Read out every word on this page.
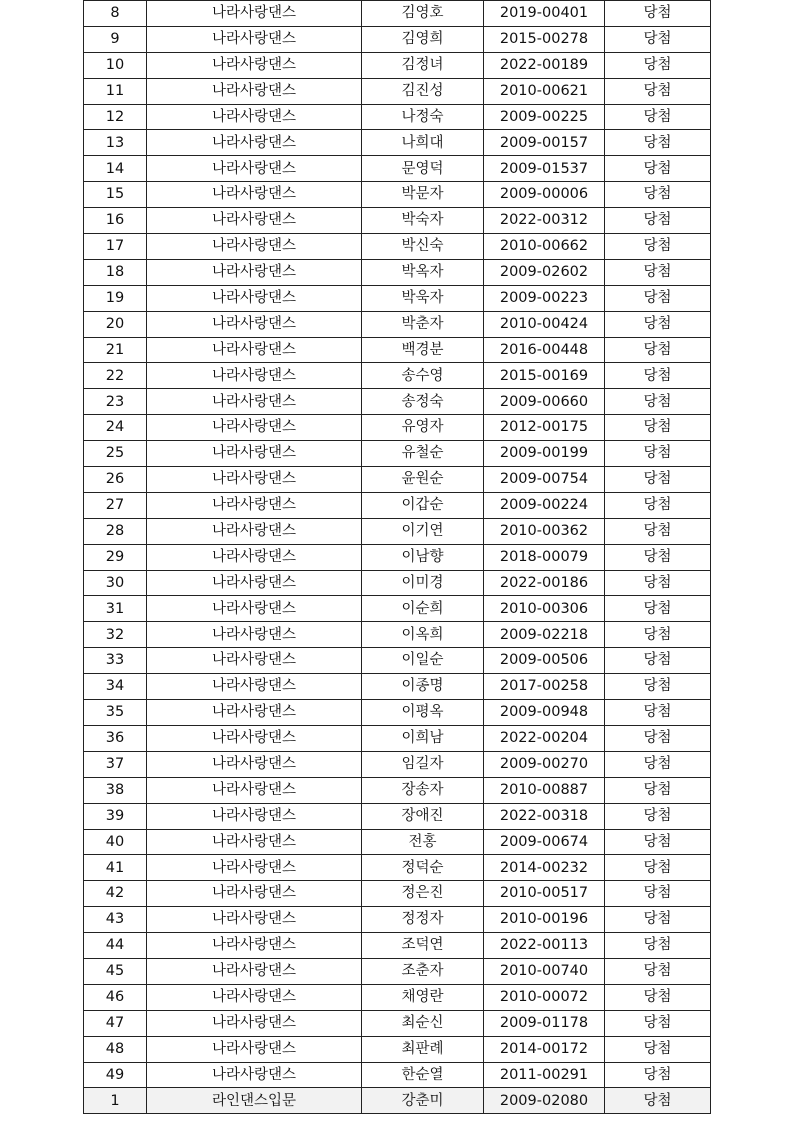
8	나라사랑댄스	김영호	2019-00401	당첨
9	나라사랑댄스	김영희	2015-00278	당첨
10	나라사랑댄스	김정녀	2022-00189	당첨
11	나라사랑댄스	김진성	2010-00621	당첨
12	나라사랑댄스	나정숙	2009-00225	당첨
13	나라사랑댄스	나희대	2009-00157	당첨
14	나라사랑댄스	문영덕	2009-01537	당첨
15	나라사랑댄스	박문자	2009-00006	당첨
16	나라사랑댄스	박숙자	2022-00312	당첨
17	나라사랑댄스	박신숙	2010-00662	당첨
18	나라사랑댄스	박옥자	2009-02602	당첨
19	나라사랑댄스	박욱자	2009-00223	당첨
20	나라사랑댄스	박춘자	2010-00424	당첨
21	나라사랑댄스	백경분	2016-00448	당첨
22	나라사랑댄스	송수영	2015-00169	당첨
23	나라사랑댄스	송정숙	2009-00660	당첨
24	나라사랑댄스	유영자	2012-00175	당첨
25	나라사랑댄스	유철순	2009-00199	당첨
26	나라사랑댄스	윤원순	2009-00754	당첨
27	나라사랑댄스	이갑순	2009-00224	당첨
28	나라사랑댄스	이기연	2010-00362	당첨
29	나라사랑댄스	이남향	2018-00079	당첨
30	나라사랑댄스	이미경	2022-00186	당첨
31	나라사랑댄스	이순희	2010-00306	당첨
32	나라사랑댄스	이옥희	2009-02218	당첨
33	나라사랑댄스	이일순	2009-00506	당첨
34	나라사랑댄스	이종명	2017-00258	당첨
35	나라사랑댄스	이평옥	2009-00948	당첨
36	나라사랑댄스	이희남	2022-00204	당첨
37	나라사랑댄스	임길자	2009-00270	당첨
38	나라사랑댄스	장송자	2010-00887	당첨
39	나라사랑댄스	장애진	2022-00318	당첨
40	나라사랑댄스	전홍	2009-00674	당첨
41	나라사랑댄스	정덕순	2014-00232	당첨
42	나라사랑댄스	정은진	2010-00517	당첨
43	나라사랑댄스	정정자	2010-00196	당첨
44	나라사랑댄스	조덕연	2022-00113	당첨
45	나라사랑댄스	조춘자	2010-00740	당첨
46	나라사랑댄스	채영란	2010-00072	당첨
47	나라사랑댄스	최순신	2009-01178	당첨
48	나라사랑댄스	최판례	2014-00172	당첨
49	나라사랑댄스	한순열	2011-00291	당첨
1	라인댄스입문	강춘미	2009-02080	당첨
